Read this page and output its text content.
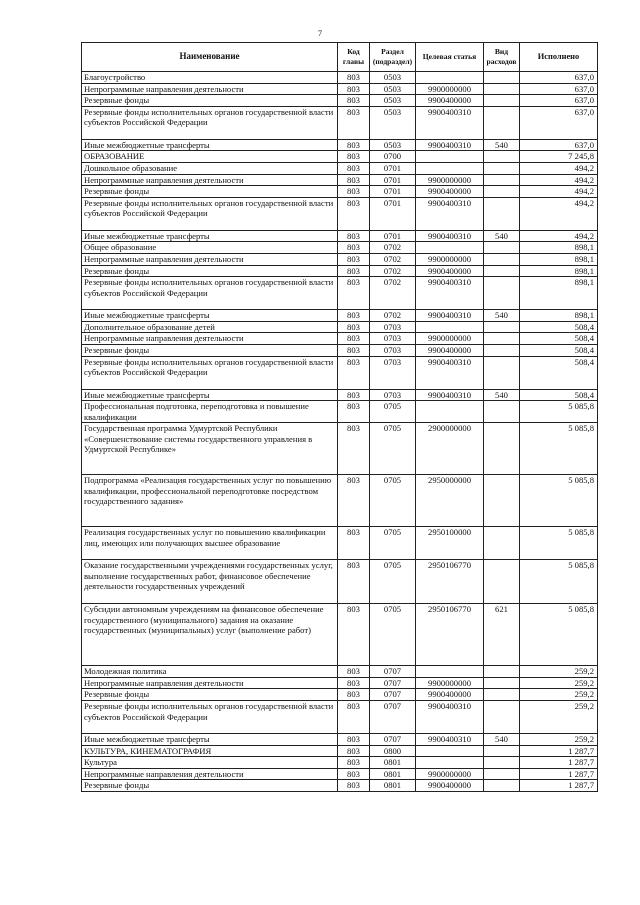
7
Наименование	Код главы	Раздел (подраздел)	Целевая статья	Вид расходов	Исполнено
Благоустройство	803	0503			637,0
Непрограммные направления деятельности	803	0503	9900000000		637,0
Резервные фонды	803	0503	9900400000		637,0
Резервные фонды исполнительных органов государственной власти субъектов Российской Федерации	803	0503	9900400310		637,0
Иные межбюджетные трансферты	803	0503	9900400310	540	637,0
ОБРАЗОВАНИЕ	803	0700			7 245,8
Дошкольное образование	803	0701			494,2
Непрограммные направления деятельности	803	0701	9900000000		494,2
Резервные фонды	803	0701	9900400000		494,2
Резервные фонды исполнительных органов государственной власти субъектов Российской Федерации	803	0701	9900400310		494,2
Иные межбюджетные трансферты	803	0701	9900400310	540	494,2
Общее образование	803	0702			898,1
Непрограммные направления деятельности	803	0702	9900000000		898,1
Резервные фонды	803	0702	9900400000		898,1
Резервные фонды исполнительных органов государственной власти субъектов Российской Федерации	803	0702	9900400310		898,1
Иные межбюджетные трансферты	803	0702	9900400310	540	898,1
Дополнительное образование детей	803	0703			508,4
Непрограммные направления деятельности	803	0703	9900000000		508,4
Резервные фонды	803	0703	9900400000		508,4
Резервные фонды исполнительных органов государственной власти субъектов Российской Федерации	803	0703	9900400310		508,4
Иные межбюджетные трансферты	803	0703	9900400310	540	508,4
Профессиональная подготовка, переподготовка и повышение квалификации	803	0705			5 085,8
Государственная программа Удмуртской Республики «Совершенствование системы государственного управления в Удмуртской Республике»	803	0705	2900000000		5 085,8
Подпрограмма «Реализация государственных услуг по повышению квалификации, профессиональной переподготовке посредством государственного задания»	803	0705	2950000000		5 085,8
Реализация государственных услуг по повышению квалификации лиц, имеющих или получающих высшее образование	803	0705	2950100000		5 085,8
Оказание государственными учреждениями государственных услуг, выполнение государственных работ, финансовое обеспечение деятельности государственных учреждений	803	0705	2950106770		5 085,8
Субсидии автономным учреждениям на финансовое обеспечение государственного (муниципального) задания на оказание государственных (муниципальных) услуг (выполнение работ)	803	0705	2950106770	621	5 085,8
Молодежная политика	803	0707			259,2
Непрограммные направления деятельности	803	0707	9900000000		259,2
Резервные фонды	803	0707	9900400000		259,2
Резервные фонды исполнительных органов государственной власти субъектов Российской Федерации	803	0707	9900400310		259,2
Иные межбюджетные трансферты	803	0707	9900400310	540	259,2
КУЛЬТУРА, КИНЕМАТОГРАФИЯ	803	0800			1 287,7
Культура	803	0801			1 287,7
Непрограммные направления деятельности	803	0801	9900000000		1 287,7
Резервные фонды	803	0801	9900400000		1 287,7
